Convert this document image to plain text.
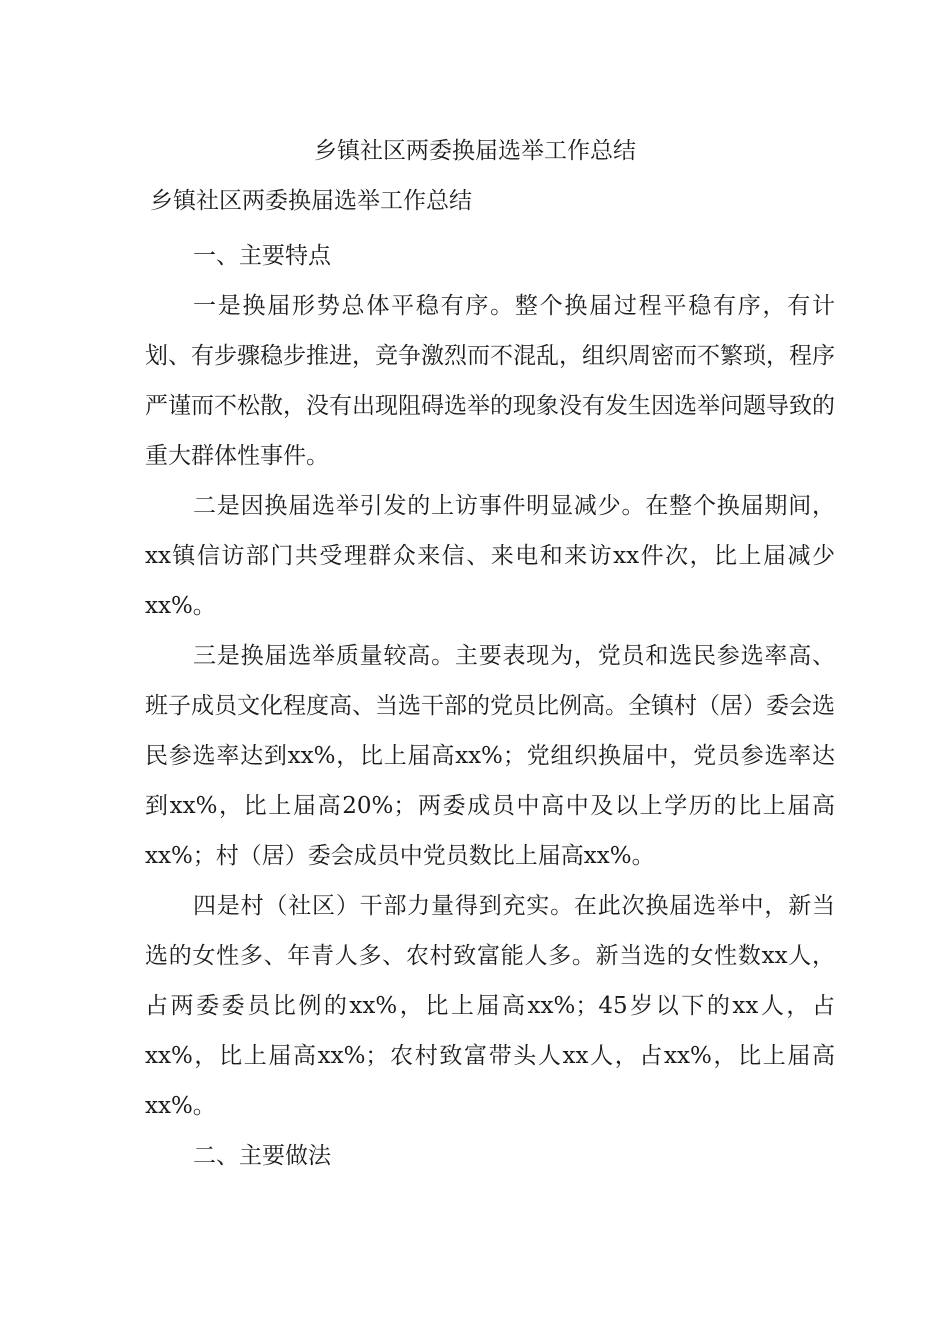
乡镇社区两委换届选举工作总结
乡镇社区两委换届选举工作总结

一、主要特点

一是换届形势总体平稳有序。整个换届过程平稳有序，有计划、有步骤稳步推进，竞争激烈而不混乱，组织周密而不繁琐，程序严谨而不松散，没有出现阻碍选举的现象没有发生因选举问题导致的重大群体性事件。

二是因换届选举引发的上访事件明显减少。在整个换届期间，xx镇信访部门共受理群众来信、来电和来访xx件次，比上届减少xx%。

三是换届选举质量较高。主要表现为，党员和选民参选率高、班子成员文化程度高、当选干部的党员比例高。全镇村（居）委会选民参选率达到xx%，比上届高xx%；党组织换届中，党员参选率达到xx%，比上届高20%；两委成员中高中及以上学历的比上届高xx%；村（居）委会成员中党员数比上届高xx%。

四是村（社区）干部力量得到充实。在此次换届选举中，新当选的女性多、年青人多、农村致富能人多。新当选的女性数xx人，占两委委员比例的xx%，比上届高xx%；45岁以下的xx人，占xx%，比上届高xx%；农村致富带头人xx人，占xx%，比上届高xx%。

二、主要做法
